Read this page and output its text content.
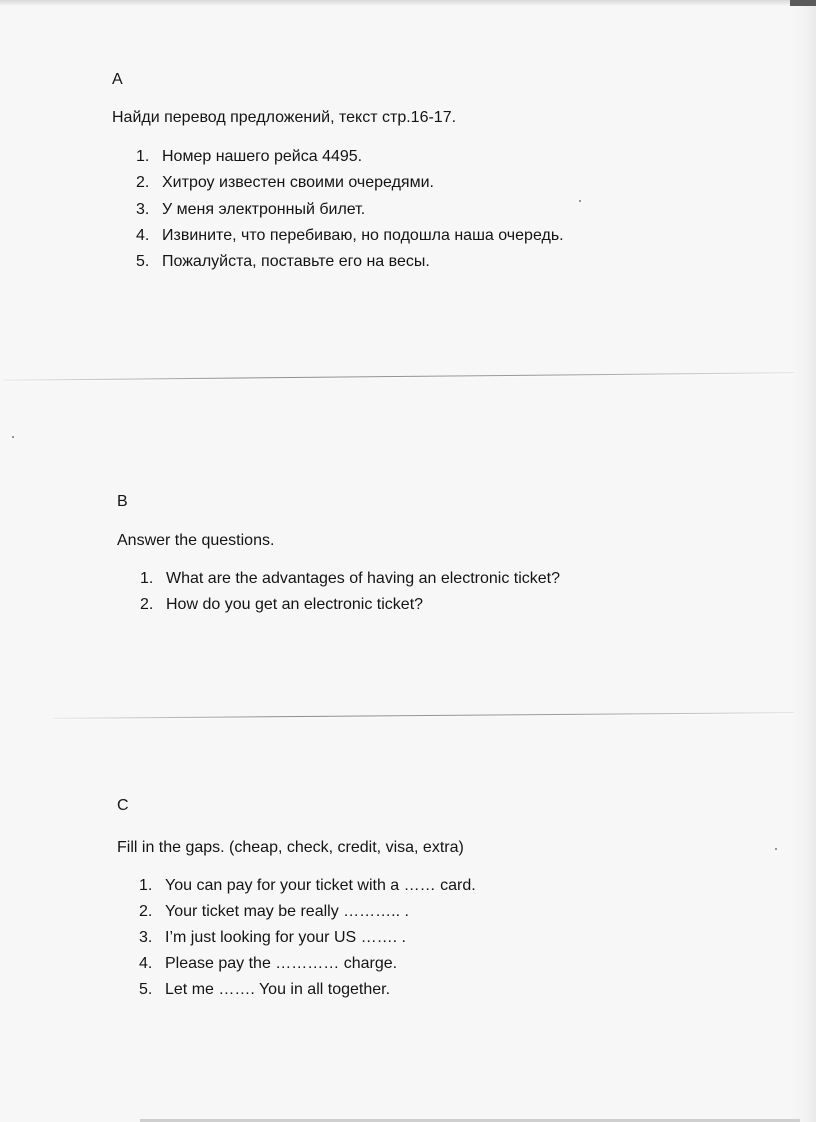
A
Найди перевод предложений, текст стр.16-17.
1. Номер нашего рейса 4495.
2. Хитроу известен своими очередями.
3. У меня электронный билет.
4. Извините, что перебиваю, но подошла наша очередь.
5. Пожалуйста, поставьте его на весы.
B
Answer the questions.
1. What are the advantages of having an electronic ticket?
2. How do you get an electronic ticket?
C
Fill in the gaps. (cheap, check, credit, visa, extra)
1. You can pay for your ticket with a …… card.
2. Your ticket may be really ……….. .
3. I’m just looking for your US ……. .
4. Please pay the ………… charge.
5. Let me ……. You in all together.
